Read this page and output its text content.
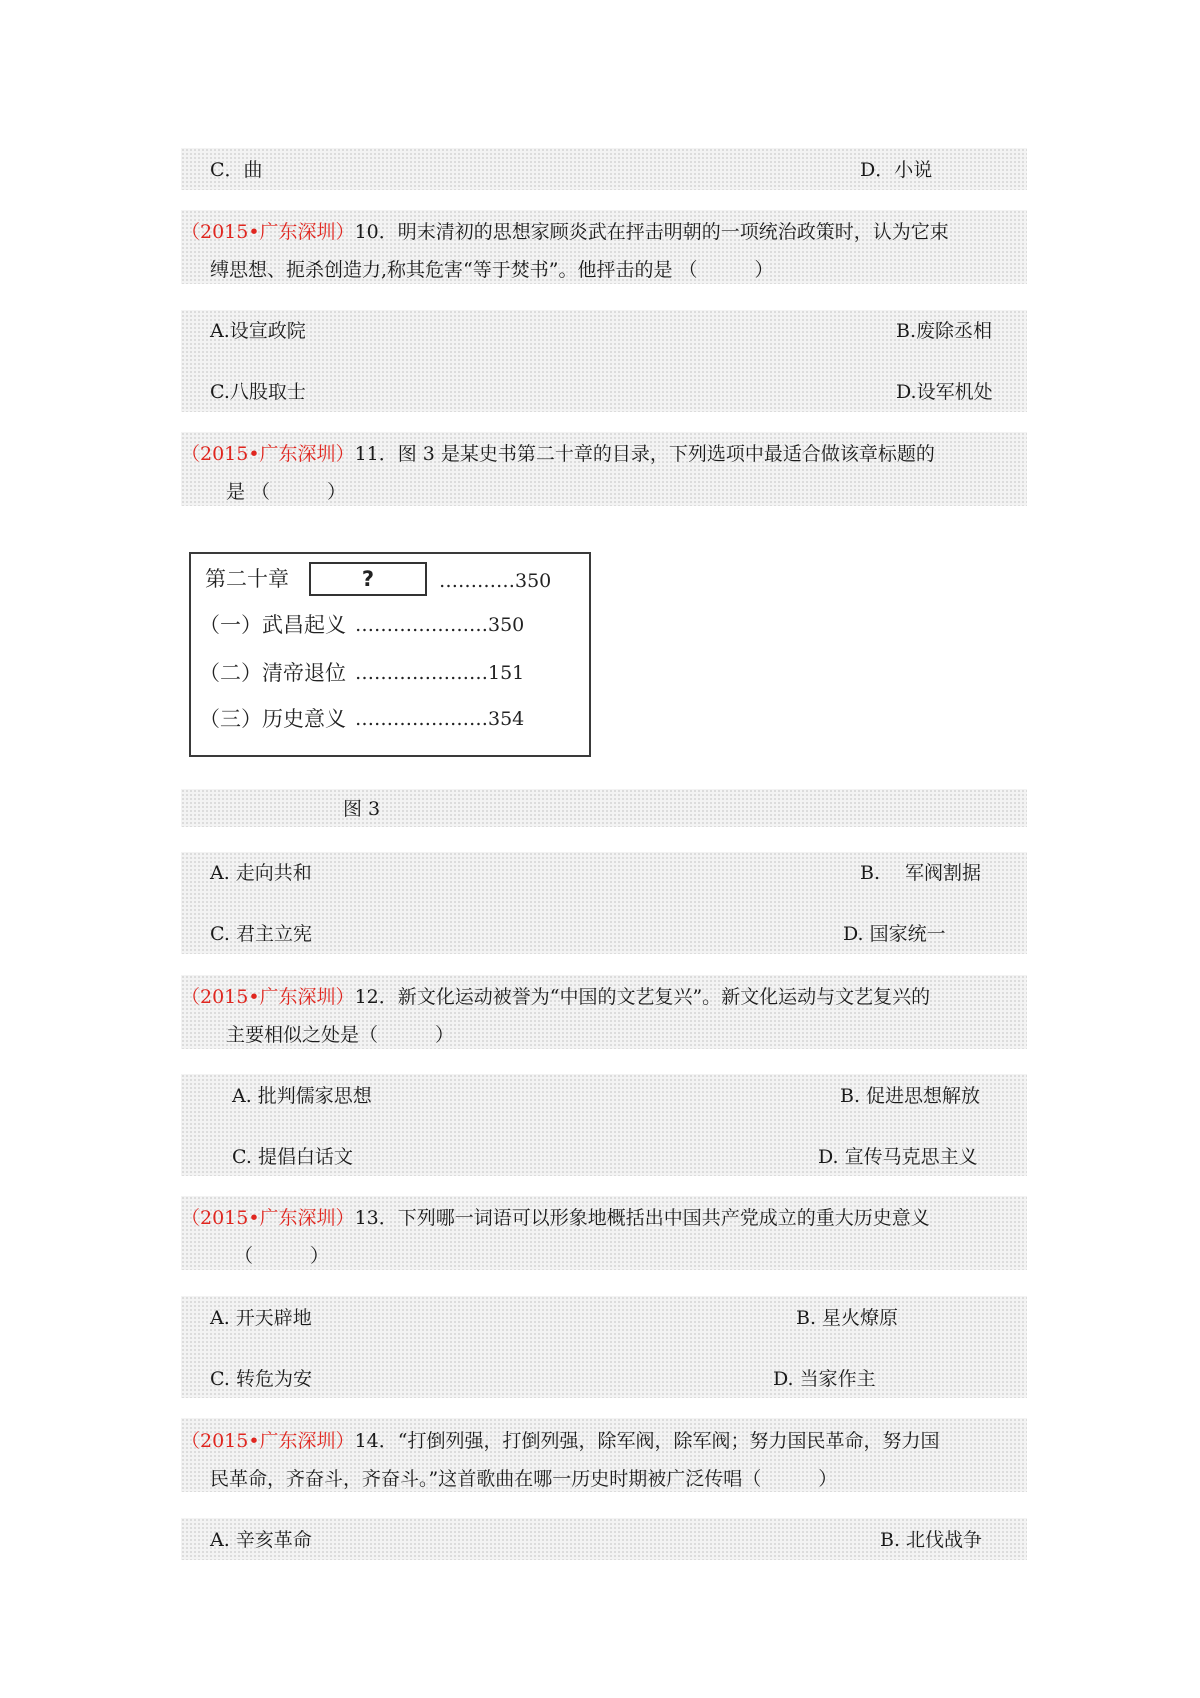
C．曲	D．小说
（2015•广东深圳）10．明末清初的思想家顾炎武在抨击明朝的一项统治政策时，认为它束
缚思想、扼杀创造力,称其危害“等于焚书”。他抨击的是 （　　　）
A.设宣政院	B.废除丞相
C.八股取士	D.设军机处
（2015•广东深圳）11．图 3 是某史书第二十章的目录，下列选项中最适合做该章标题的
是 （　　　）
第二十章	?	…………350
（一）武昌起义 …………………350
（二）清帝退位 …………………151
（三）历史意义 …………………354
图 3
A. 走向共和	B.　 军阀割据
C. 君主立宪	D. 国家统一
（2015•广东深圳）12．新文化运动被誉为“中国的文艺复兴”。新文化运动与文艺复兴的
主要相似之处是（　　　）
A. 批判儒家思想	B. 促进思想解放
C. 提倡白话文	D. 宣传马克思主义
（2015•广东深圳）13．下列哪一词语可以形象地概括出中国共产党成立的重大历史意义
（　　　）
A. 开天辟地	B. 星火燎原
C. 转危为安	D. 当家作主
（2015•广东深圳）14．“打倒列强，打倒列强，除军阀，除军阀；努力国民革命，努力国
民革命，齐奋斗，齐奋斗。”这首歌曲在哪一历史时期被广泛传唱（　　　）
A. 辛亥革命	B. 北伐战争
